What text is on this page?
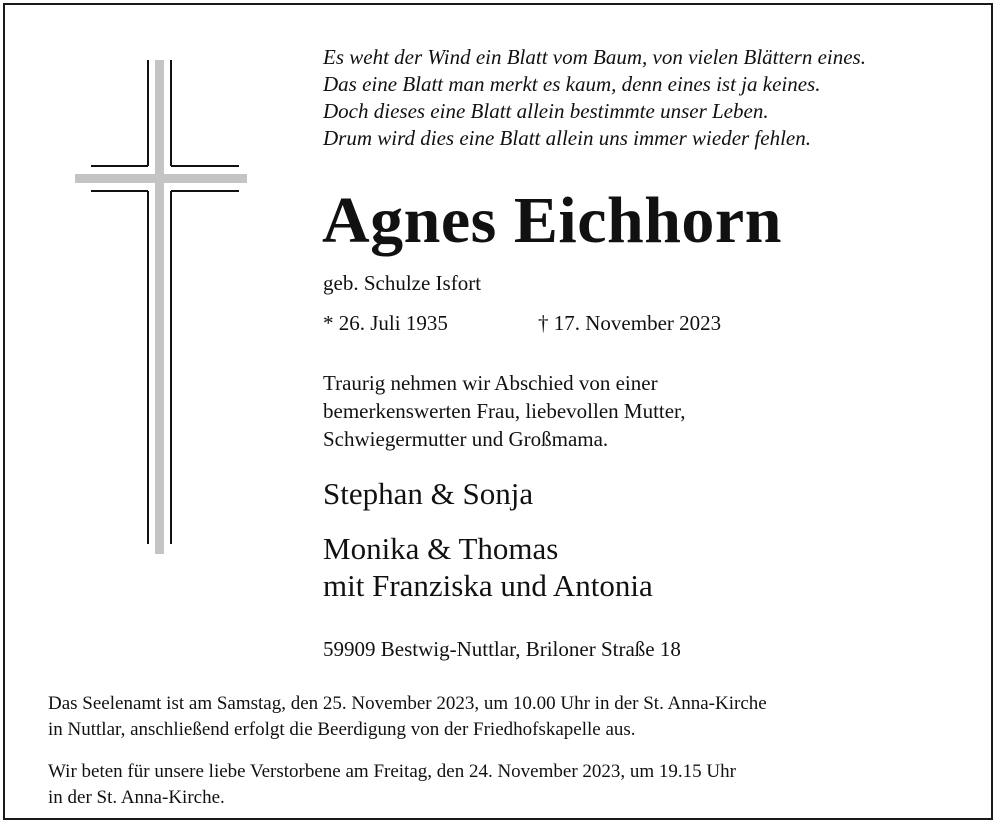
Es weht der Wind ein Blatt vom Baum, von vielen Blättern eines.
Das eine Blatt man merkt es kaum, denn eines ist ja keines.
Doch dieses eine Blatt allein bestimmte unser Leben.
Drum wird dies eine Blatt allein uns immer wieder fehlen.
Agnes Eichhorn
geb. Schulze Isfort
* 26. Juli 1935	† 17. November 2023
Traurig nehmen wir Abschied von einer
bemerkenswerten Frau, liebevollen Mutter,
Schwiegermutter und Großmama.
Stephan & Sonja
Monika & Thomas
mit Franziska und Antonia
59909 Bestwig-Nuttlar, Briloner Straße 18
Das Seelenamt ist am Samstag, den 25. November 2023, um 10.00 Uhr in der St. Anna-Kirche
in Nuttlar, anschließend erfolgt die Beerdigung von der Friedhofskapelle aus.
Wir beten für unsere liebe Verstorbene am Freitag, den 24. November 2023, um 19.15 Uhr
in der St. Anna-Kirche.
